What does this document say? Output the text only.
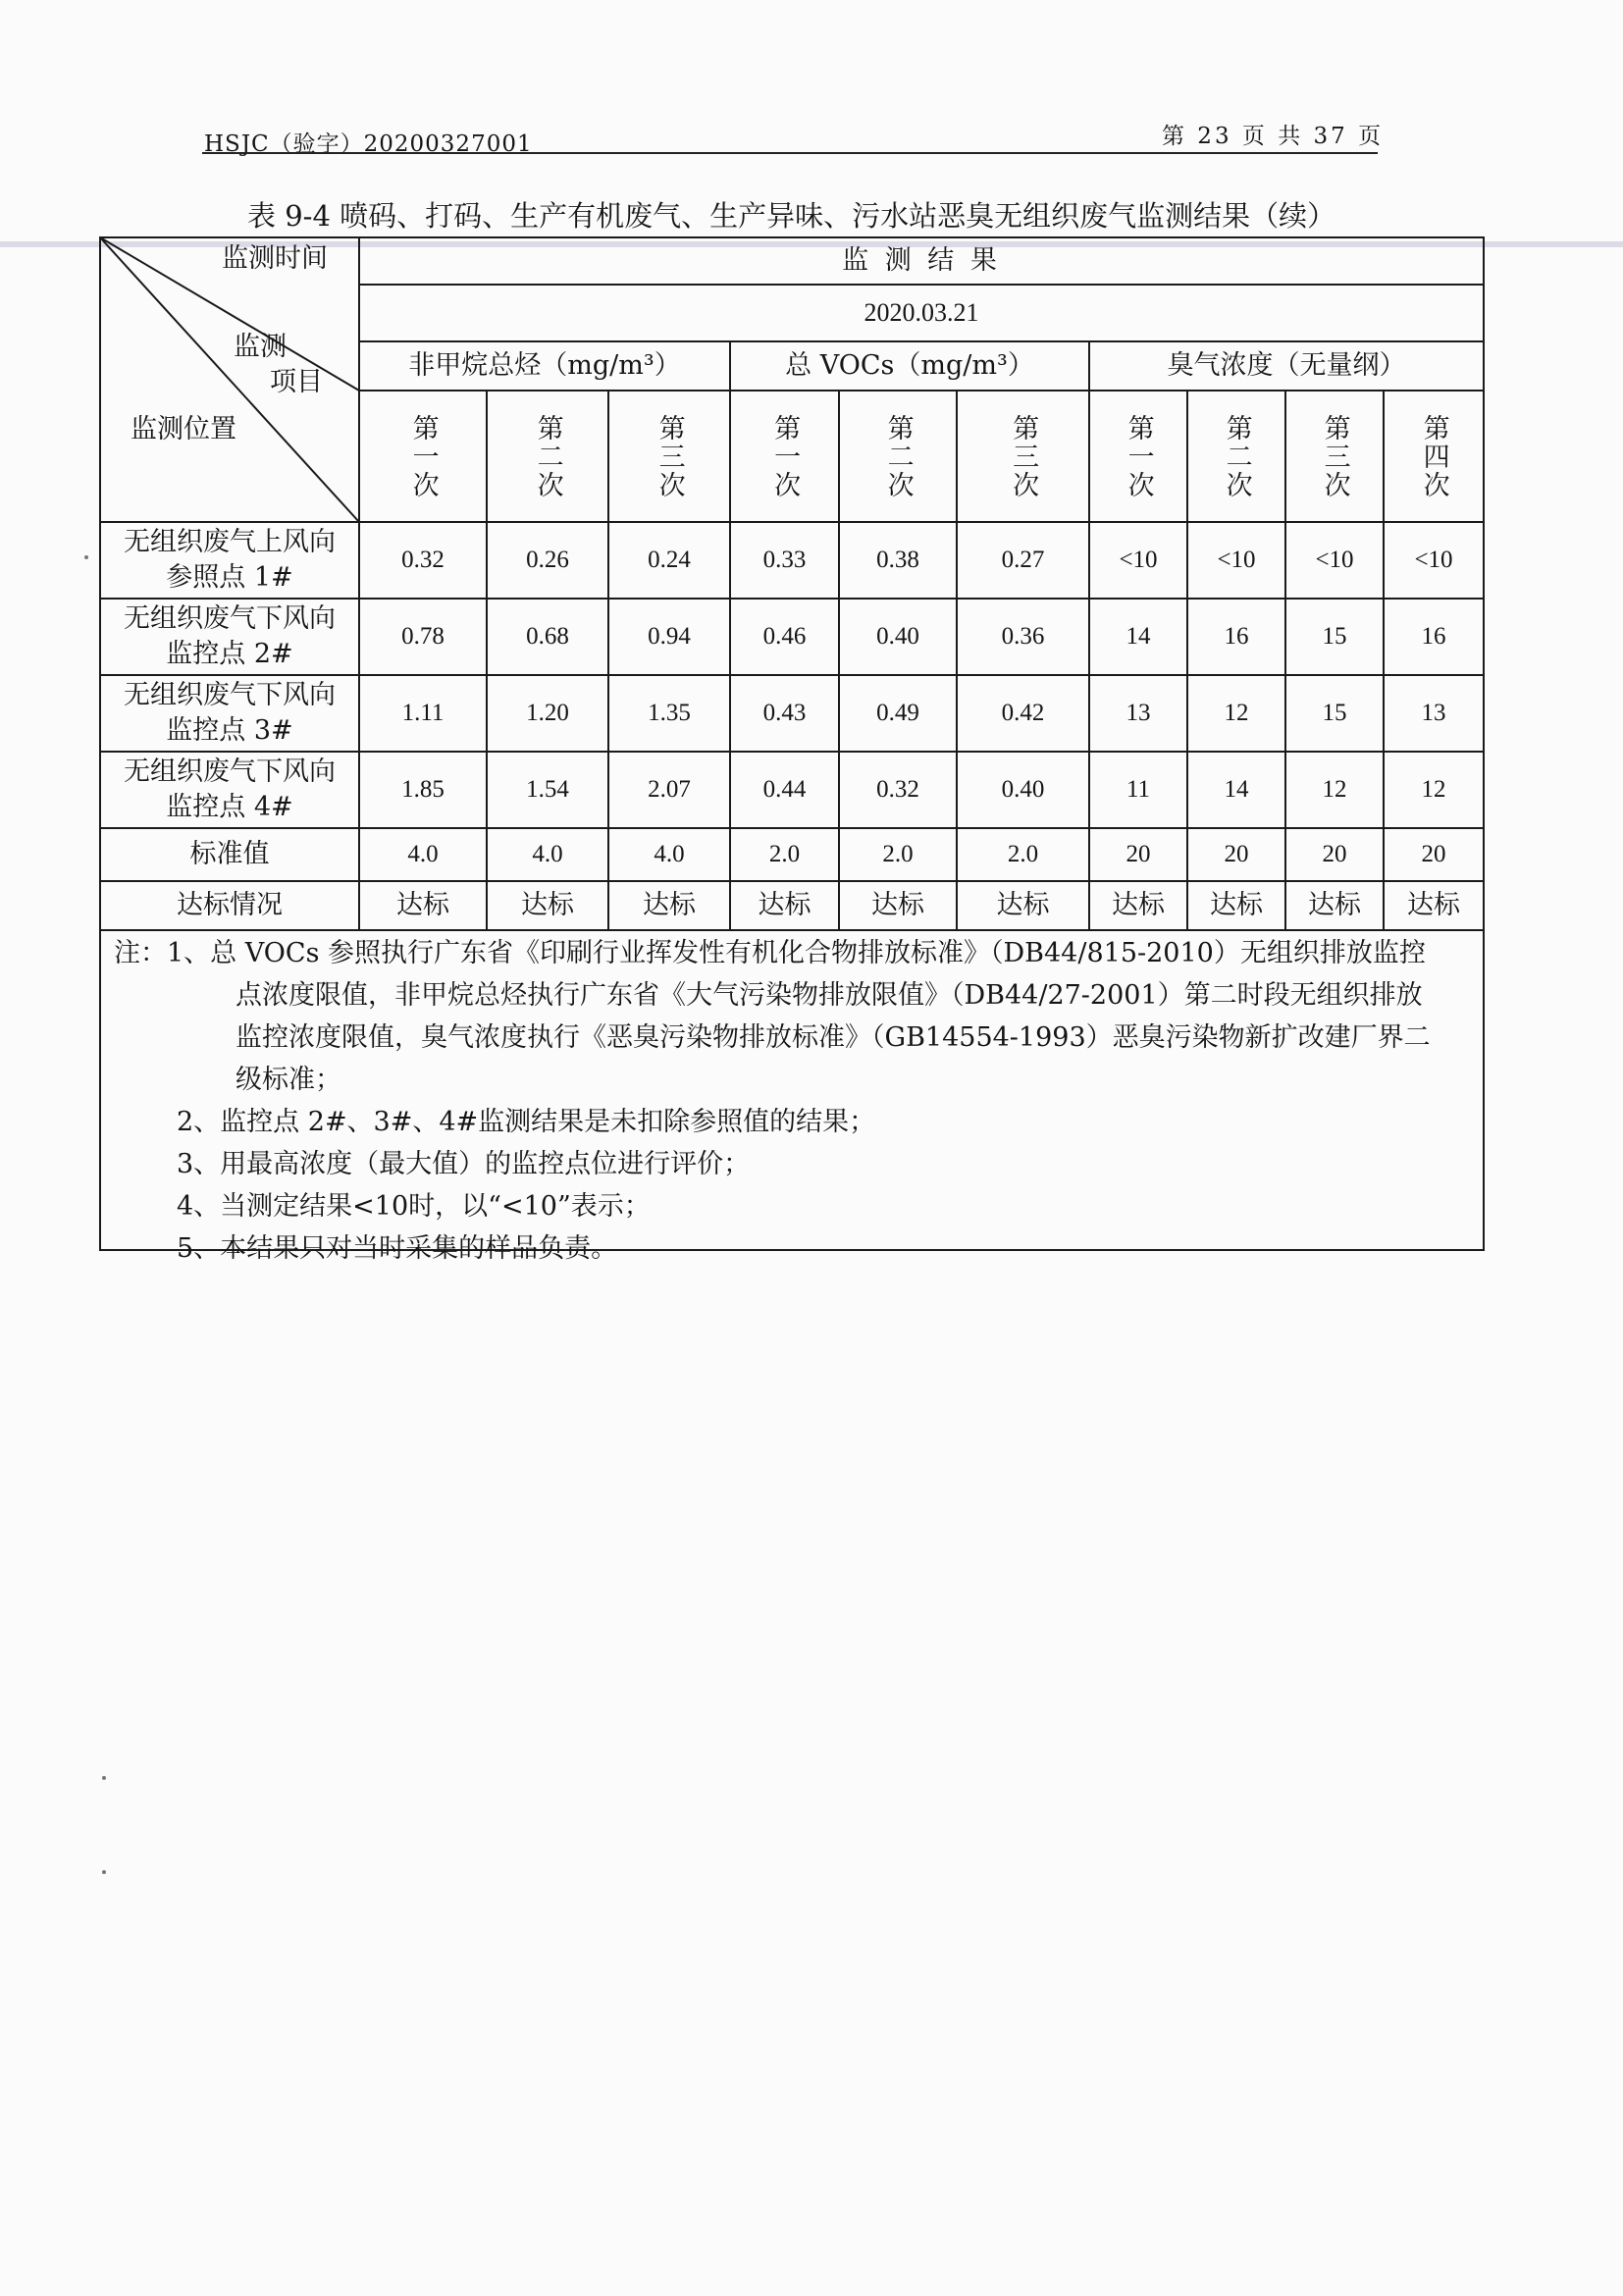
HSJC（验字）20200327001	第 23 页 共 37 页
表 9-4 喷码、打码、生产有机废气、生产异味、污水站恶臭无组织废气监测结果（续）
监测时间
监测
项目
监测位置
监 测 结 果
2020.03.21
非甲烷总烃（mg/m³）	总 VOCs（mg/m³）	臭气浓度（无量纲）
第一次	第二次	第三次	第一次	第二次	第三次	第一次	第二次	第三次	第四次
无组织废气上风向
参照点 1#
0.32	0.26	0.24	0.33	0.38	0.27	<10	<10	<10	<10
无组织废气下风向
监控点 2#
0.78	0.68	0.94	0.46	0.40	0.36	14	16	15	16
无组织废气下风向
监控点 3#
1.11	1.20	1.35	0.43	0.49	0.42	13	12	15	13
无组织废气下风向
监控点 4#
1.85	1.54	2.07	0.44	0.32	0.40	11	14	12	12
标准值	4.0	4.0	4.0	2.0	2.0	2.0	20	20	20	20
达标情况	达标	达标	达标	达标	达标	达标	达标	达标	达标	达标
注：1、总 VOCs 参照执行广东省《印刷行业挥发性有机化合物排放标准》（DB44/815-2010）无组织排放监控
点浓度限值，非甲烷总烃执行广东省《大气污染物排放限值》（DB44/27-2001）第二时段无组织排放
监控浓度限值，臭气浓度执行《恶臭污染物排放标准》（GB14554-1993）恶臭污染物新扩改建厂界二
级标准；
2、监控点 2#、3#、4#监测结果是未扣除参照值的结果；
3、用最高浓度（最大值）的监控点位进行评价；
4、当测定结果<10时，以“<10”表示；
5、本结果只对当时采集的样品负责。
